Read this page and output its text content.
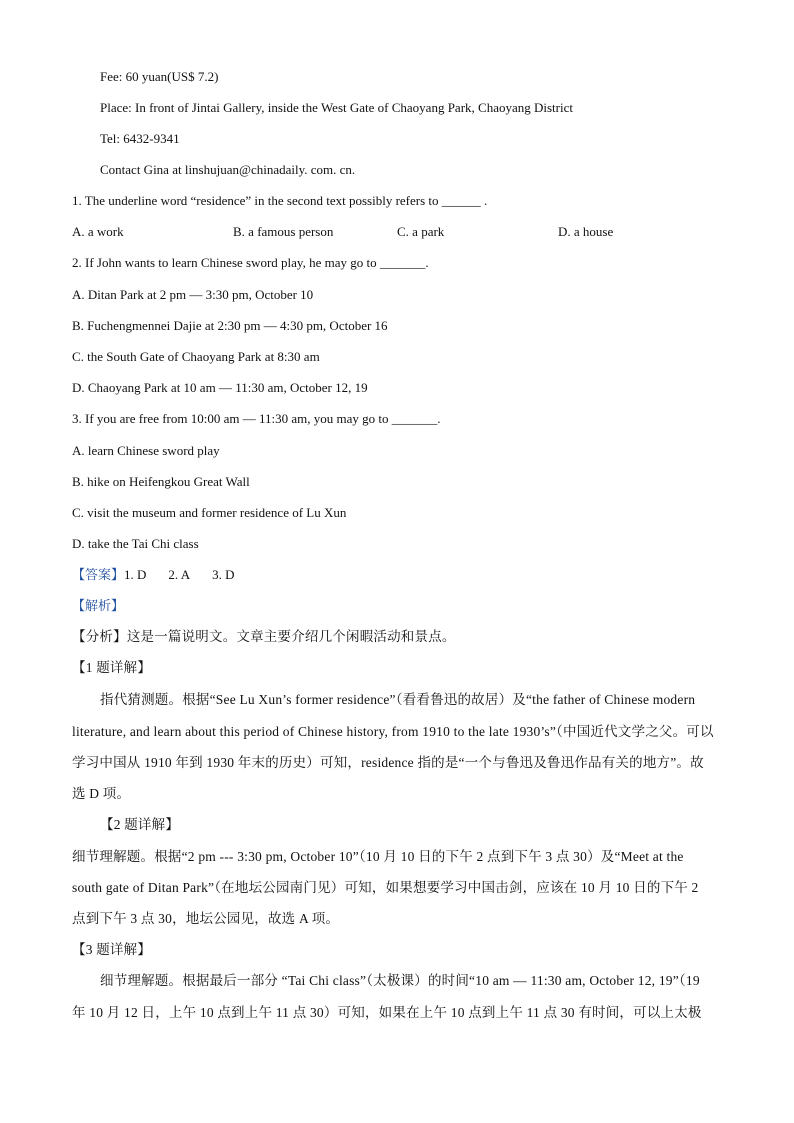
Fee: 60 yuan(US$ 7.2)
Place: In front of Jintai Gallery, inside the West Gate of Chaoyang Park, Chaoyang District
Tel: 6432-9341
Contact Gina at linshujuan@chinadaily. com. cn.
1. The underline word “residence” in the second text possibly refers to ______ .
A. a work	B. a famous person	C. a park	D. a house
2. If John wants to learn Chinese sword play, he may go to _______.
A. Ditan Park at 2 pm — 3:30 pm, October 10
B. Fuchengmennei Dajie at 2:30 pm — 4:30 pm, October 16
C. the South Gate of Chaoyang Park at 8:30 am
D. Chaoyang Park at 10 am — 11:30 am, October 12, 19
3. If you are free from 10:00 am — 11:30 am, you may go to _______.
A. learn Chinese sword play
B. hike on Heifengkou Great Wall
C. visit the museum and former residence of Lu Xun
D. take the Tai Chi class
【答案】1. D 2. A 3. D
【解析】
【分析】这是一篇说明文。文章主要介绍几个闲暇活动和景点。
【1 题详解】
指代猜测题。根据“See Lu Xun’s former residence”（看看鲁迅的故居）及“the father of Chinese modern
literature, and learn about this period of Chinese history, from 1910 to the late 1930’s”（中国近代文学之父。可以
学习中国从 1910 年到 1930 年末的历史）可知，residence 指的是“一个与鲁迅及鲁迅作品有关的地方”。故
选 D 项。
【2 题详解】
细节理解题。根据“2 pm --- 3:30 pm, October 10”（10 月 10 日的下午 2 点到下午 3 点 30）及“Meet at the
south gate of Ditan Park”（在地坛公园南门见）可知，如果想要学习中国击剑，应该在 10 月 10 日的下午 2
点到下午 3 点 30，地坛公园见，故选 A 项。
【3 题详解】
细节理解题。根据最后一部分 “Tai Chi class”（太极课）的时间“10 am — 11:30 am, October 12, 19”（19
年 10 月 12 日，上午 10 点到上午 11 点 30）可知，如果在上午 10 点到上午 11 点 30 有时间，可以上太极
